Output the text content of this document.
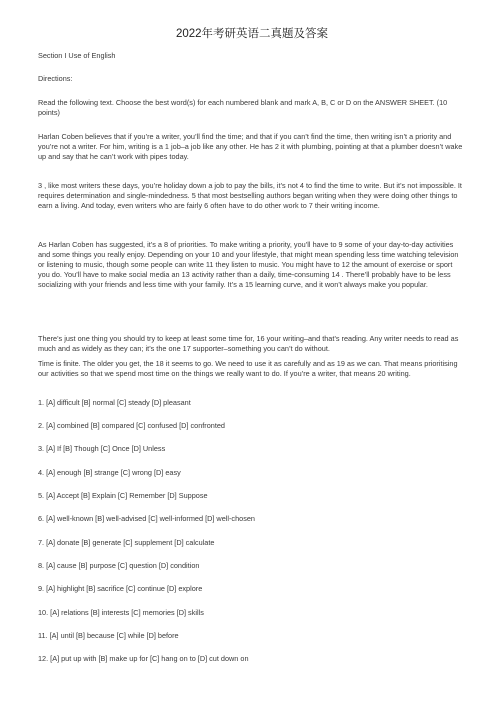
2022年考研英语二真题及答案

Section I Use of English

Directions:

Read the following text. Choose the best word(s) for each numbered blank and mark A, B, C or D on the ANSWER SHEET. (10 points)

Harlan Coben believes that if you’re a writer, you’ll find the time; and that if you can’t find the time, then writing isn’t a priority and you’re not a writer. For him, writing is a 1 job–a job like any other. He has 2 it with plumbing, pointing at that a plumber doesn’t wake up and say that he can’t work with pipes today.

3 , like most writers these days, you’re holiday down a job to pay the bills, it’s not 4 to find the time to write. But it’s not impossible. It requires determination and single-mindedness. 5 that most bestselling authors began writing when they were doing other things to earn a living. And today, even writers who are fairly 6 often have to do other work to 7 their writing income.

As Harlan Coben has suggested, it’s a 8 of priorities. To make writing a priority, you’ll have to 9 some of your day-to-day activities and some things you really enjoy. Depending on your 10 and your lifestyle, that might mean spending less time watching television or listening to music, though some people can write 11 they listen to music. You might have to 12 the amount of exercise or sport you do. You’ll have to make social media an 13 activity rather than a daily, time-consuming 14 . There’ll probably have to be less socializing with your friends and less time with your family. It’s a 15 learning curve, and it won’t always make you popular.

There’s just one thing you should try to keep at least some time for, 16 your writing–and that’s reading. Any writer needs to read as much and as widely as they can; it’s the one 17 supporter–something you can’t do without.

Time is finite. The older you get, the 18 it seems to go. We need to use it as carefully and as 19 as we can. That means prioritising our activities so that we spend most time on the things we really want to do. If you’re a writer, that means 20 writing.

1. [A] difficult [B] normal [C] steady [D] pleasant

2. [A] combined [B] compared [C] confused [D] confronted

3. [A] If [B] Though [C] Once [D] Unless

4. [A] enough [B] strange [C] wrong [D] easy

5. [A] Accept [B] Explain [C] Remember [D] Suppose

6. [A] well-known [B] well-advised [C] well-informed [D] well-chosen

7. [A] donate [B] generate [C] supplement [D] calculate

8. [A] cause [B] purpose [C] question [D] condition

9. [A] highlight [B] sacrifice [C] continue [D] explore

10. [A] relations [B] interests [C] memories [D] skills

11. [A] until [B] because [C] while [D] before

12. [A] put up with [B] make up for [C] hang on to [D] cut down on
